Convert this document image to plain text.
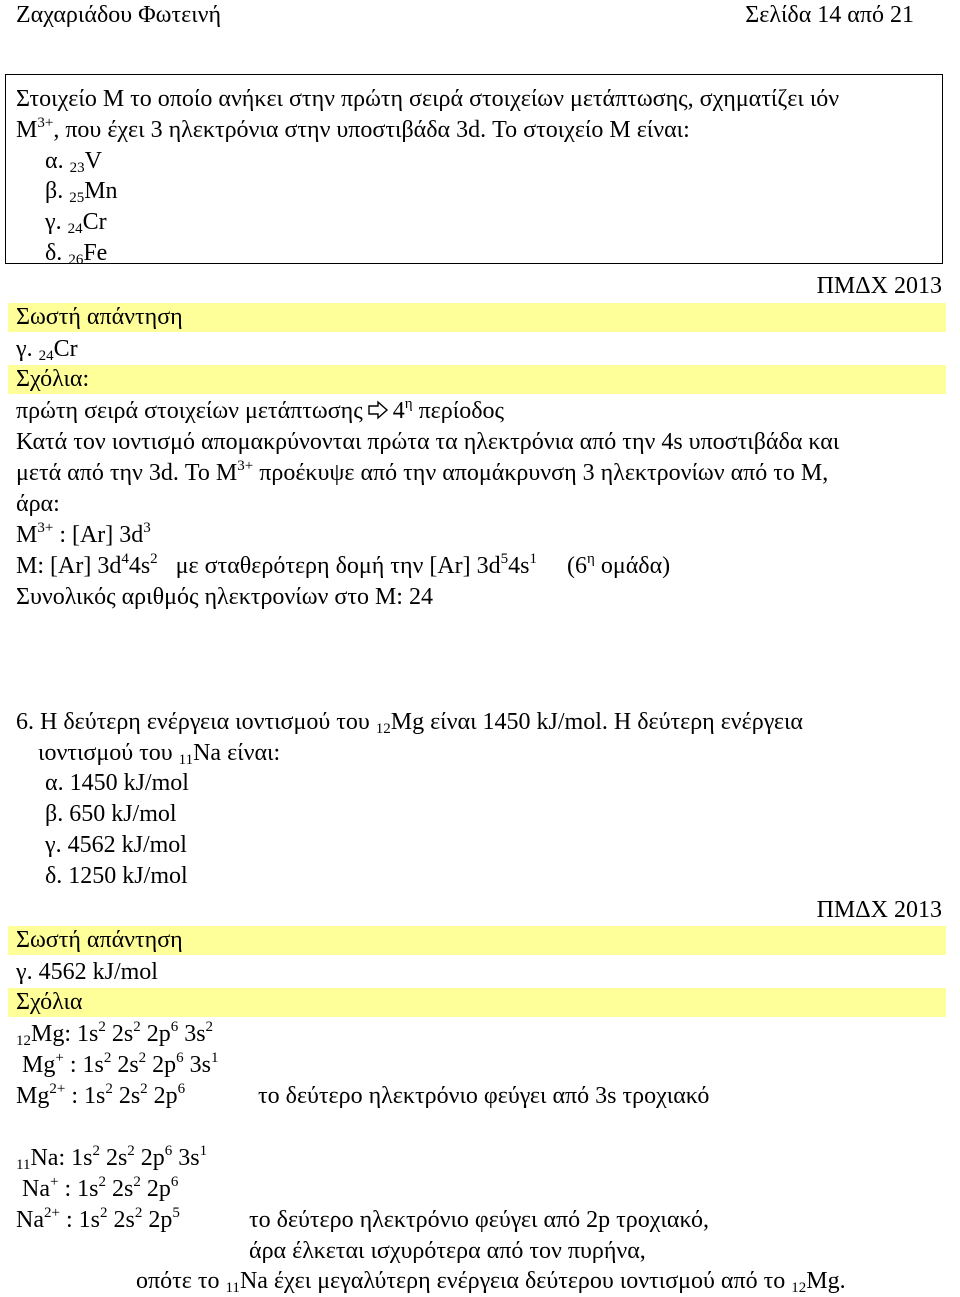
Ζαχαριάδου Φωτεινή	Σελίδα 14 από 21
Στοιχείο Μ το οποίο ανήκει στην πρώτη σειρά στοιχείων μετάπτωσης, σχηματίζει ιόν
$M^{3+}$, που έχει 3 ηλεκτρόνια στην υποστιβάδα 3d. Το στοιχείο Μ είναι:
α. $_{23}$V
β. $_{25}$Mn
γ. $_{24}$Cr
δ. $_{26}$Fe
ΠΜΔΧ 2013
Σωστή απάντηση
γ. $_{24}$Cr
Σχόλια:
πρώτη σειρά στοιχείων μετάπτωσης $4^\eta$ περίοδος
Κατά τον ιοντισμό απομακρύνονται πρώτα τα ηλεκτρόνια από την 4s υποστιβάδα και
μετά από την 3d. Το $M^{3+}$ προέκυψε από την απομάκρυνση 3 ηλεκτρονίων από το Μ,
άρα:
$M^{3+}$ : [Ar] $3d^3$
Μ: [Ar] $3d^44s^2$ με σταθερότερη δομή την [Ar] $3d^54s^1$ ($6^\eta$ ομάδα)
Συνολικός αριθμός ηλεκτρονίων στο Μ: 24
6. Η δεύτερη ενέργεια ιοντισμού του $_{12}$Mg είναι 1450 kJ/mol. Η δεύτερη ενέργεια
ιοντισμού του $_{11}$Na είναι:
α. 1450 kJ/mol
β. 650 kJ/mol
γ. 4562 kJ/mol
δ. 1250 kJ/mol
ΠΜΔΧ 2013
Σωστή απάντηση
γ. 4562 kJ/mol
Σχόλια
$_{12}$Mg: $1s^2$ $2s^2$ $2p^6$ $3s^2$
Mg+ : $1s^2$ $2s^2$ $2p^6$ $3s^1$
$Mg^{2+}$ : $1s^2$ $2s^2$ $2p^6$	το δεύτερο ηλεκτρόνιο φεύγει από 3s τροχιακό
$_{11}$Na: $1s^2$ $2s^2$ $2p^6$ $3s^1$
Na+ : $1s^2$ $2s^2$ $2p^6$
$Na^{2+}$ : $1s^2$ $2s^2$ $2p^5$	το δεύτερο ηλεκτρόνιο φεύγει από 2p τροχιακό,
άρα έλκεται ισχυρότερα από τον πυρήνα,
οπότε το $_{11}$Na έχει μεγαλύτερη ενέργεια δεύτερου ιοντισμού από το $_{12}$Mg.
